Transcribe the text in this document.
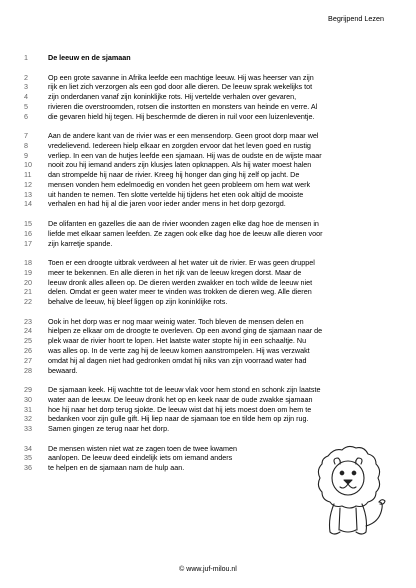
Begrijpend Lezen
1	De leeuw en de sjamaan
2	Op een grote savanne in Afrika leefde een machtige leeuw. Hij was heerser van zijn
3	rijk en liet zich verzorgen als een god door alle dieren. De leeuw sprak wekelijks tot
4	zijn onderdanen vanaf zijn koninklijke rots. Hij vertelde verhalen over gevaren,
5	rivieren die overstroomden, rotsen die instortten en monsters van heinde en verre. Al
6	die gevaren hield hij tegen. Hij beschermde de dieren in ruil voor een luizenleventje.
7	Aan de andere kant van de rivier was er een mensendorp. Geen groot dorp maar wel
8	vredelievend. Iedereen hielp elkaar en zorgden ervoor dat het leven goed en rustig
9	verliep. In een van de hutjes leefde een sjamaan. Hij was de oudste en de wijste maar
10	nooit zou hij iemand anders zijn klusjes laten opknappen. Als hij water moest halen
11	dan strompelde hij naar de rivier. Kreeg hij honger dan ging hij zelf op jacht. De
12	mensen vonden hem edelmoedig en vonden het geen probleem om hem wat werk
13	uit handen te nemen. Ten slotte vertelde hij tijdens het eten ook altijd de mooiste
14	verhalen en had hij al die jaren voor ieder ander mens in het dorp gezorgd.
15	De olifanten en gazelles die aan de rivier woonden zagen elke dag hoe de mensen in
16	liefde met elkaar samen leefden. Ze zagen ook elke dag hoe de leeuw alle dieren voor
17	zijn karretje spande.
18	Toen er een droogte uitbrak verdween al het water uit de rivier. Er was geen druppel
19	meer te bekennen. En alle dieren in het rijk van de leeuw kregen dorst. Maar de
20	leeuw dronk alles alleen op. De dieren werden zwakker en toch wilde de leeuw niet
21	delen. Omdat er geen water meer te vinden was trokken de dieren weg. Alle dieren
22	behalve de leeuw, hij bleef liggen op zijn koninklijke rots.
23	Ook in het dorp was er nog maar weinig water. Toch bleven de mensen delen en
24	hielpen ze elkaar om de droogte te overleven. Op een avond ging de sjamaan naar de
25	plek waar de rivier hoort te lopen. Het laatste water stopte hij in een schaaltje. Nu
26	was alles op. In de verte zag hij de leeuw komen aanstrompelen. Hij was verzwakt
27	omdat hij al dagen niet had gedronken omdat hij niks van zijn voorraad water had
28	bewaard.
29	De sjamaan keek. Hij wachtte tot de leeuw vlak voor hem stond en schonk zijn laatste
30	water aan de leeuw. De leeuw dronk het op en keek naar de oude zwakke sjamaan
31	hoe hij naar het dorp terug sjokte. De leeuw wist dat hij iets moest doen om hem te
32	bedanken voor zijn gulle gift. Hij liep naar de sjamaan toe en tilde hem op zijn rug.
33	Samen gingen ze terug naar het dorp.
34	De mensen wisten niet wat ze zagen toen de twee kwamen
35	aanlopen. De leeuw deed eindelijk iets om iemand anders
36	te helpen en de sjamaan nam de hulp aan.
© www.juf-milou.nl
